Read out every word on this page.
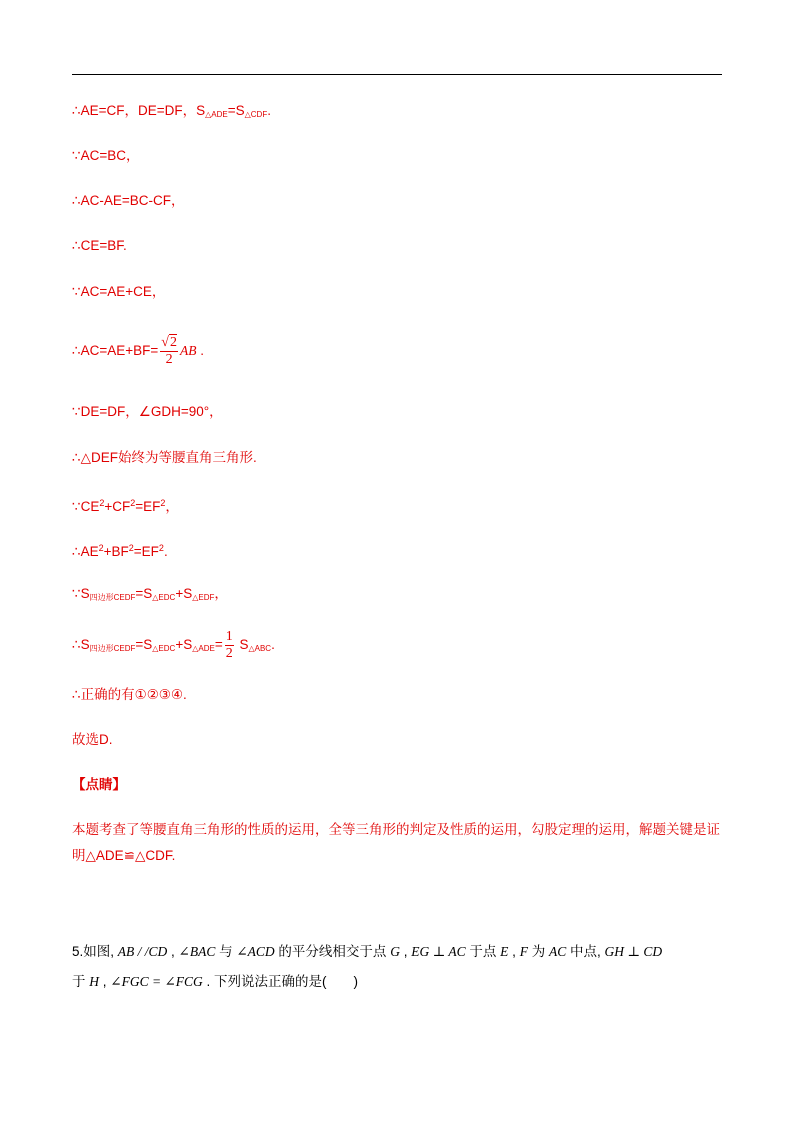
∴AE=CF，DE=DF，$S_{\triangle ADE}=S_{\triangle CDF}$.
∵AC=BC，
∴AC-AE=BC-CF，
∴CE=BF.
∵AC=AE+CE，
∴AC=AE+BF= $\frac{√2}{2}$ AB .
∵DE=DF，∠GDH=90°，
∴△DEF始终为等腰直角三角形.
$\because CE^2+CF^2=EF^2$，
$\therefore AE^2+BF^2=EF^2$.
$\because S_{四边形CEDF}=S_{\triangle EDC}+S_{\triangle EDF}$，
$\therefore S_{四边形CEDF}=S_{\triangle EDC}+S_{\triangle ADE}= \frac{1}{2} S_{\triangle ABC}$.
∴正确的有①②③④.
故选D.
【点睛】
本题考查了等腰直角三角形的性质的运用，全等三角形的判定及性质的运用，勾股定理的运用，解题关键是证明△ADE≌△CDF.
5.如图, AB / /CD , ∠BAC 与 ∠ACD 的平分线相交于点 G , EG ⊥ AC 于点 E , F 为 AC 中点, GH ⊥ CD
于 H , ∠FGC = ∠FCG . 下列说法正确的是(　　)
